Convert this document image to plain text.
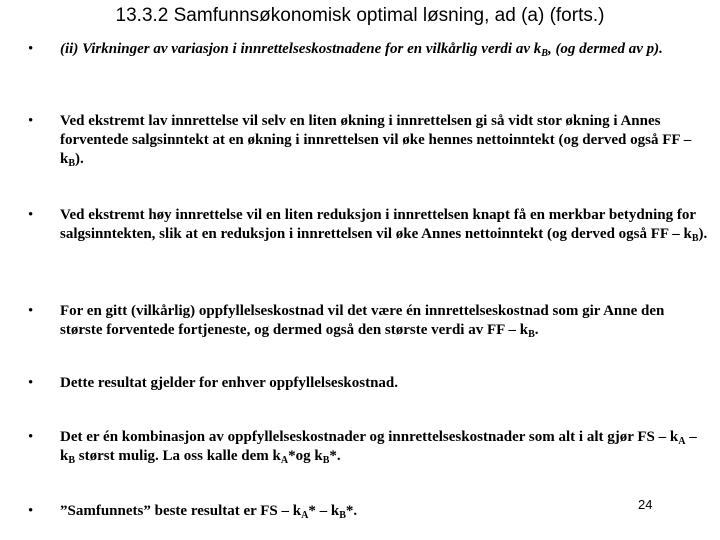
13.3.2 Samfunnsøkonomisk optimal løsning, ad (a) (forts.)
•	(ii) Virkninger av variasjon i innrettelseskostnadene for en vilkårlig verdi av $k_B$, (og dermed av p).
•	Ved ekstremt lav innrettelse vil selv en liten økning i innrettelsen gi så vidt stor økning i Annes forventede salgsinntekt at en økning i innrettelsen vil øke hennes nettoinntekt (og derved også FF – $k_B$).
•	Ved ekstremt høy innrettelse vil en liten reduksjon i innrettelsen knapt få en merkbar betydning for salgsinntekten, slik at en reduksjon i innrettelsen vil øke Annes nettoinntekt (og derved også FF – $k_B$).
•	For en gitt (vilkårlig) oppfyllelseskostnad vil det være én innrettelseskostnad som gir Anne den største forventede fortjeneste, og dermed også den største verdi av FF – $k_B$.
•	Dette resultat gjelder for enhver oppfyllelseskostnad.
•	Det er én kombinasjon av oppfyllelseskostnader og innrettelseskostnader som alt i alt gjør FS – $k_A - k_B$ størst mulig. La oss kalle dem $k_A*og$ $k_B*$.
•	”Samfunnets” beste resultat er FS – $k_A* - k_B*$.	24
